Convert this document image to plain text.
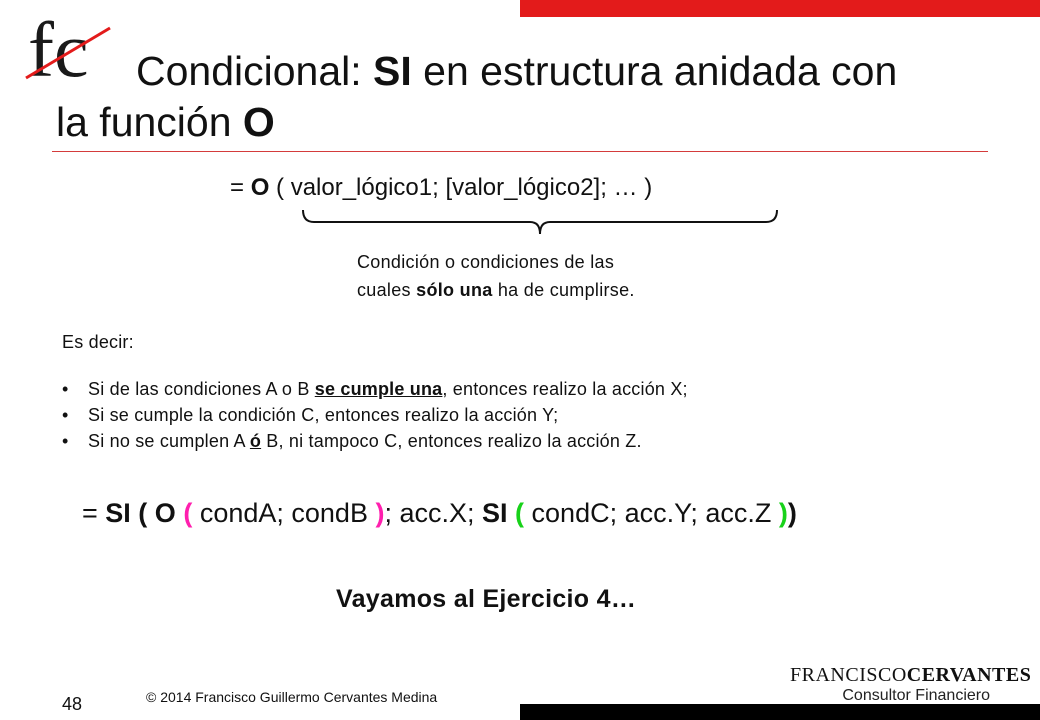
fc	Condicional: SI en estructura anidada con
la función O
= O ( valor_lógico1; [valor_lógico2]; … )
Condición o condiciones de las
cuales sólo una ha de cumplirse.
Es decir:
• Si de las condiciones A o B se cumple una, entonces realizo la acción X;
• Si se cumple la condición C, entonces realizo la acción Y;
• Si no se cumplen A ó B, ni tampoco C, entonces realizo la acción Z.
= SI ( O ( condA; condB ); acc.X; SI ( condC; acc.Y; acc.Z ))
Vayamos al Ejercicio 4…
48	© 2014 Francisco Guillermo Cervantes Medina
FRANCISCOCERVANTES
Consultor Financiero
